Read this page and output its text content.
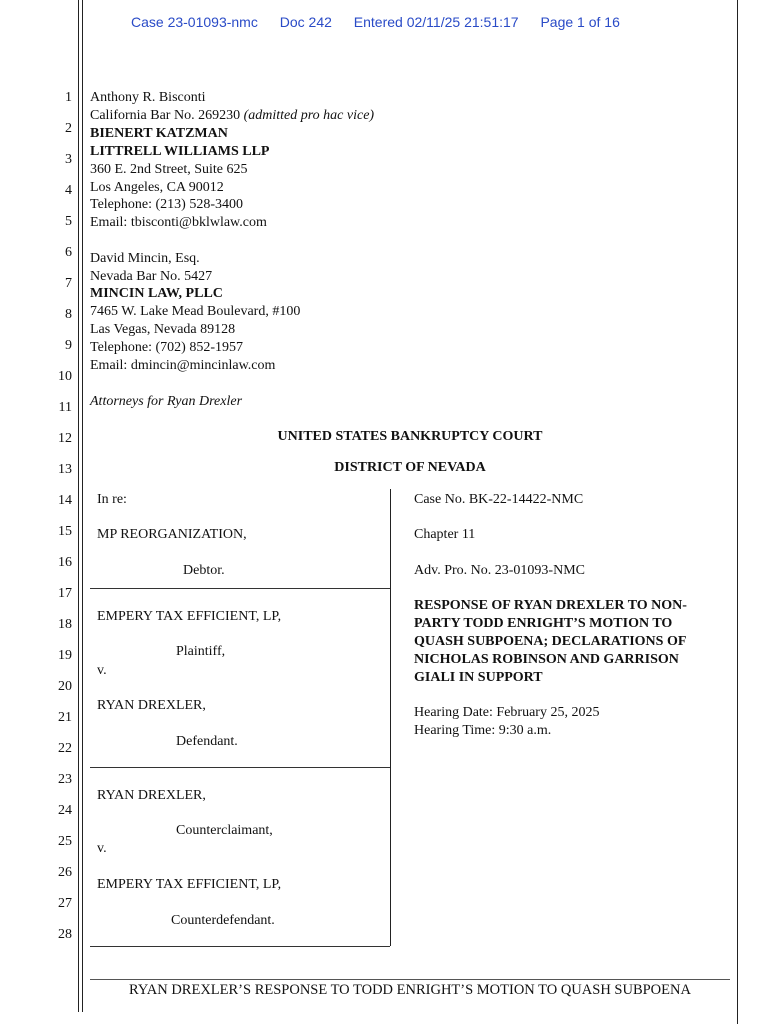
Case 23-01093-nmc Doc 242 Entered 02/11/25 21:51:17 Page 1 of 16
1
2
3
4
5
6
7
8
9
10
11
12
13
14
15
16
17
18
19
20
21
22
23
24
25
26
27
28
Anthony R. Bisconti
California Bar No. 269230 (admitted pro hac vice)
BIENERT KATZMAN
LITTRELL WILLIAMS LLP
360 E. 2nd Street, Suite 625
Los Angeles, CA 90012
Telephone: (213) 528-3400
Email: tbisconti@bklwlaw.com
David Mincin, Esq.
Nevada Bar No. 5427
MINCIN LAW, PLLC
7465 W. Lake Mead Boulevard, #100
Las Vegas, Nevada 89128
Telephone: (702) 852-1957
Email: dmincin@mincinlaw.com
Attorneys for Ryan Drexler
UNITED STATES BANKRUPTCY COURT
DISTRICT OF NEVADA
In re:
MP REORGANIZATION,
Debtor.
EMPERY TAX EFFICIENT, LP,
Plaintiff,
v.
RYAN DREXLER,
Defendant.
RYAN DREXLER,
Counterclaimant,
v.
EMPERY TAX EFFICIENT, LP,
Counterdefendant.
Case No. BK-22-14422-NMC
Chapter 11
Adv. Pro. No. 23-01093-NMC
RESPONSE OF RYAN DREXLER TO NON-
PARTY TODD ENRIGHT’S MOTION TO
QUASH SUBPOENA; DECLARATIONS OF
NICHOLAS ROBINSON AND GARRISON
GIALI IN SUPPORT
Hearing Date: February 25, 2025
Hearing Time: 9:30 a.m.
RYAN DREXLER’S RESPONSE TO TODD ENRIGHT’S MOTION TO QUASH SUBPOENA
